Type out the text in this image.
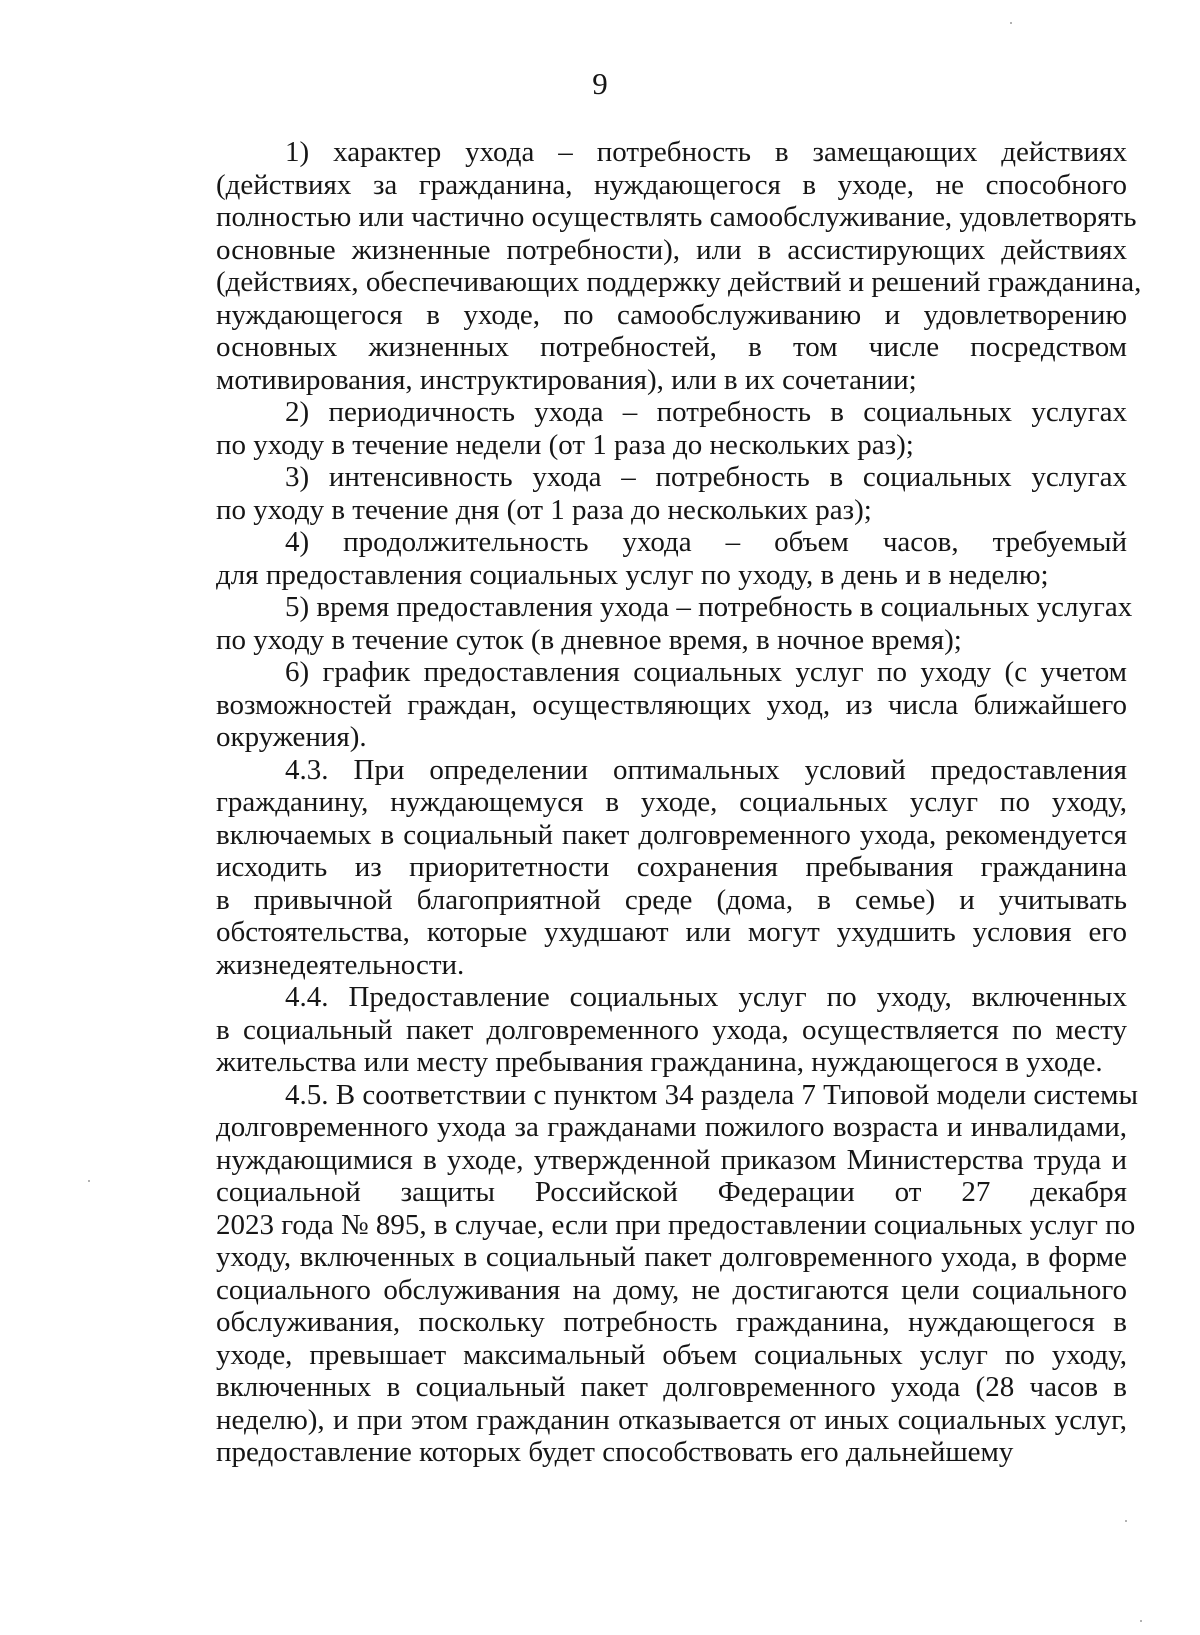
9
1) характер ухода – потребность в замещающих действиях
(действиях за гражданина, нуждающегося в уходе, не способного
полностью или частично осуществлять самообслуживание, удовлетворять
основные жизненные потребности), или в ассистирующих действиях
(действиях, обеспечивающих поддержку действий и решений гражданина,
нуждающегося в уходе, по самообслуживанию и удовлетворению
основных жизненных потребностей, в том числе посредством
мотивирования, инструктирования), или в их сочетании;
2) периодичность ухода – потребность в социальных услугах
по уходу в течение недели (от 1 раза до нескольких раз);
3) интенсивность ухода – потребность в социальных услугах
по уходу в течение дня (от 1 раза до нескольких раз);
4) продолжительность ухода – объем часов, требуемый
для предоставления социальных услуг по уходу, в день и в неделю;
5) время предоставления ухода – потребность в социальных услугах
по уходу в течение суток (в дневное время, в ночное время);
6) график предоставления социальных услуг по уходу (с учетом
возможностей граждан, осуществляющих уход, из числа ближайшего
окружения).
4.3. При определении оптимальных условий предоставления
гражданину, нуждающемуся в уходе, социальных услуг по уходу,
включаемых в социальный пакет долговременного ухода, рекомендуется
исходить из приоритетности сохранения пребывания гражданина
в привычной благоприятной среде (дома, в семье) и учитывать
обстоятельства, которые ухудшают или могут ухудшить условия его
жизнедеятельности.
4.4. Предоставление социальных услуг по уходу, включенных
в социальный пакет долговременного ухода, осуществляется по месту
жительства или месту пребывания гражданина, нуждающегося в уходе.
4.5. В соответствии с пунктом 34 раздела 7 Типовой модели системы
долговременного ухода за гражданами пожилого возраста и инвалидами,
нуждающимися в уходе, утвержденной приказом Министерства труда и
социальной защиты Российской Федерации от 27 декабря
2023 года № 895, в случае, если при предоставлении социальных услуг по
уходу, включенных в социальный пакет долговременного ухода, в форме
социального обслуживания на дому, не достигаются цели социального
обслуживания, поскольку потребность гражданина, нуждающегося в
уходе, превышает максимальный объем социальных услуг по уходу,
включенных в социальный пакет долговременного ухода (28 часов в
неделю), и при этом гражданин отказывается от иных социальных услуг,
предоставление которых будет способствовать его дальнейшему
